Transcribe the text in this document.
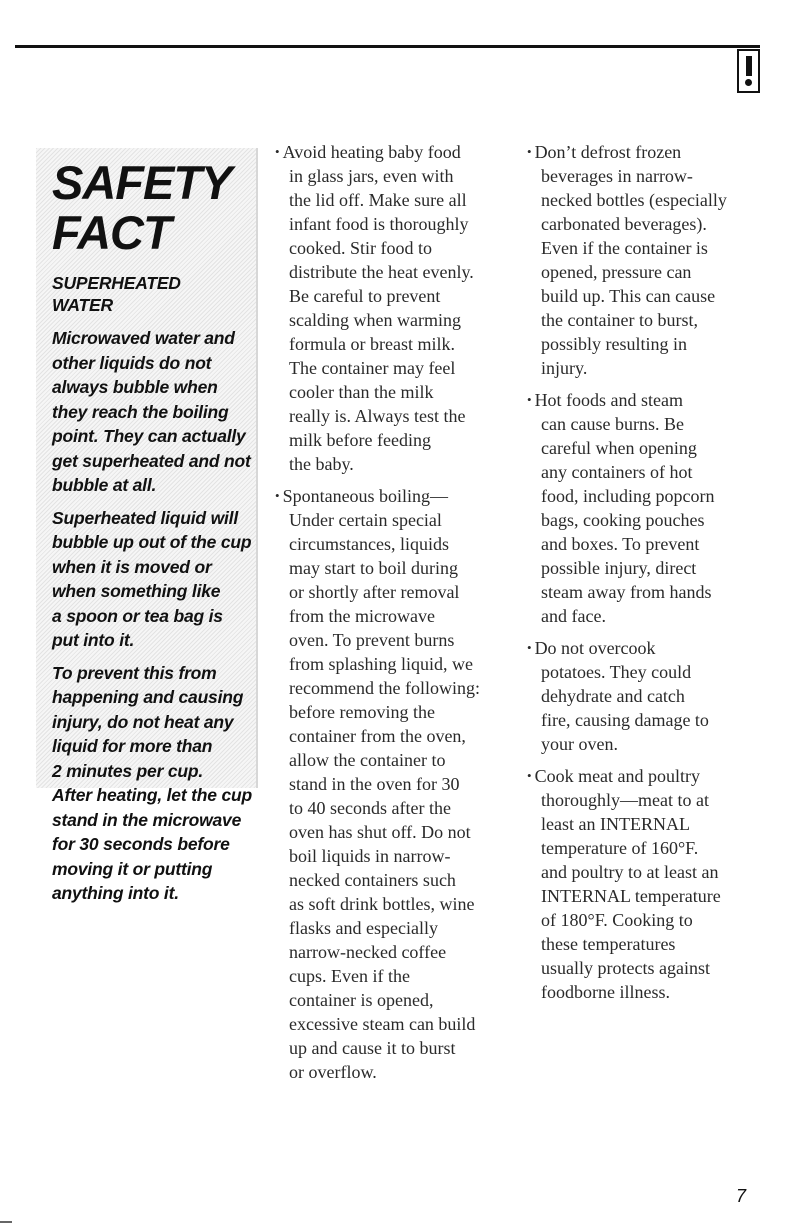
SAFETY
FACT
SUPERHEATED WATER

Microwaved water and
other liquids do not
always bubble when
they reach the boiling
point. They can actually
get superheated and not
bubble at all.

Superheated liquid will
bubble up out of the cup
when it is moved or
when something like
a spoon or tea bag is
put into it.

To prevent this from
happening and causing
injury, do not heat any
liquid for more than
2 minutes per cup.
After heating, let the cup
stand in the microwave
for 30 seconds before
moving it or putting
anything into it.

• Avoid heating baby food
in glass jars, even with
the lid off. Make sure all
infant food is thoroughly
cooked. Stir food to
distribute the heat evenly.
Be careful to prevent
scalding when warming
formula or breast milk.
The container may feel
cooler than the milk
really is. Always test the
milk before feeding
the baby.
• Spontaneous boiling—
Under certain special
circumstances, liquids
may start to boil during
or shortly after removal
from the microwave
oven. To prevent burns
from splashing liquid, we
recommend the following:
before removing the
container from the oven,
allow the container to
stand in the oven for 30
to 40 seconds after the
oven has shut off. Do not
boil liquids in narrow-
necked containers such
as soft drink bottles, wine
flasks and especially
narrow-necked coffee
cups. Even if the
container is opened,
excessive steam can build
up and cause it to burst
or overflow.
• Don’t defrost frozen
beverages in narrow-
necked bottles (especially
carbonated beverages).
Even if the container is
opened, pressure can
build up. This can cause
the container to burst,
possibly resulting in
injury.
• Hot foods and steam
can cause burns. Be
careful when opening
any containers of hot
food, including popcorn
bags, cooking pouches
and boxes. To prevent
possible injury, direct
steam away from hands
and face.
• Do not overcook
potatoes. They could
dehydrate and catch
fire, causing damage to
your oven.
• Cook meat and poultry
thoroughly—meat to at
least an INTERNAL
temperature of 160°F.
and poultry to at least an
INTERNAL temperature
of 180°F. Cooking to
these temperatures
usually protects against
foodborne illness.
7
